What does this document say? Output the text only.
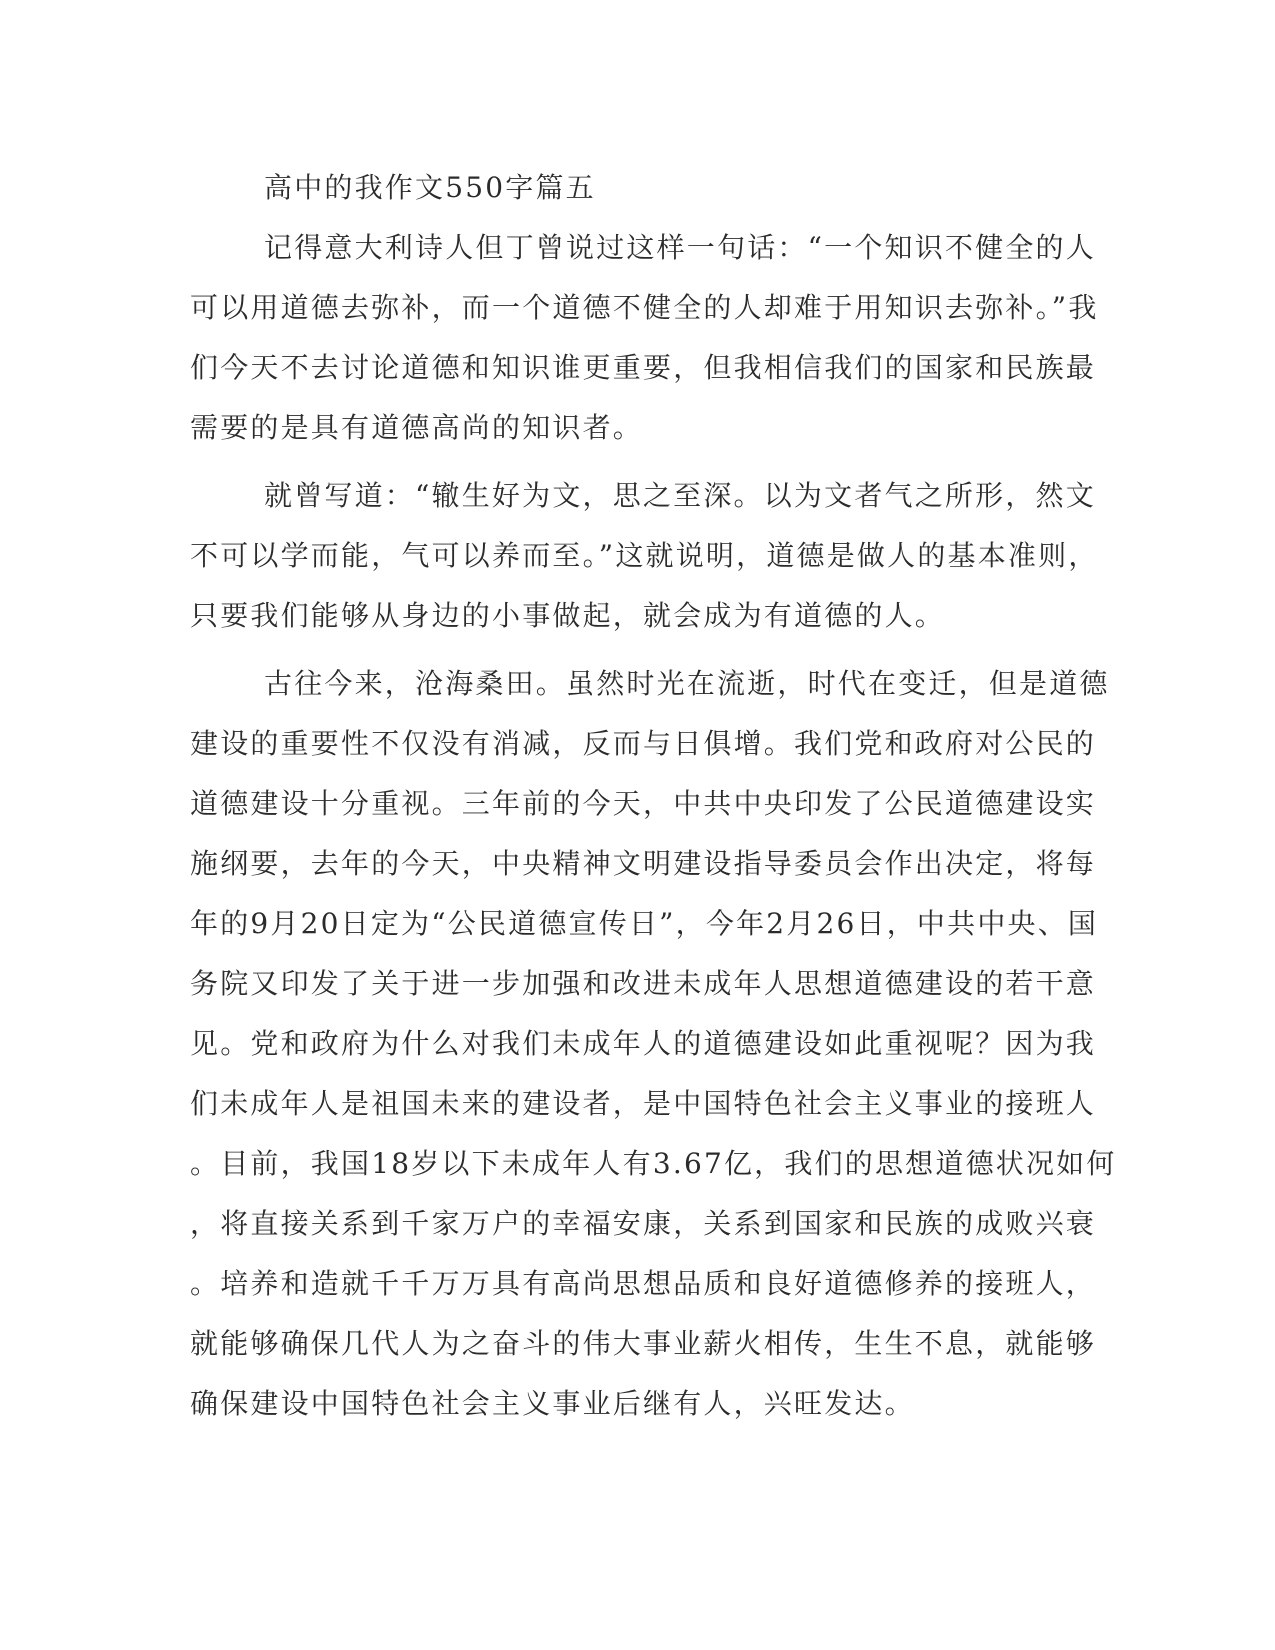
高中的我作文550字篇五
记得意大利诗人但丁曾说过这样一句话：“一个知识不健全的人
可以用道德去弥补，而一个道德不健全的人却难于用知识去弥补。”我
们今天不去讨论道德和知识谁更重要，但我相信我们的国家和民族最
需要的是具有道德高尚的知识者。
就曾写道：“辙生好为文，思之至深。以为文者气之所形，然文
不可以学而能，气可以养而至。”这就说明，道德是做人的基本准则，
只要我们能够从身边的小事做起，就会成为有道德的人。
古往今来，沧海桑田。虽然时光在流逝，时代在变迁，但是道德
建设的重要性不仅没有消减，反而与日俱增。我们党和政府对公民的
道德建设十分重视。三年前的今天，中共中央印发了公民道德建设实
施纲要，去年的今天，中央精神文明建设指导委员会作出决定，将每
年的9月20日定为“公民道德宣传日”，今年2月26日，中共中央、国
务院又印发了关于进一步加强和改进未成年人思想道德建设的若干意
见。党和政府为什么对我们未成年人的道德建设如此重视呢？因为我
们未成年人是祖国未来的建设者，是中国特色社会主义事业的接班人
。目前，我国18岁以下未成年人有3.67亿，我们的思想道德状况如何
，将直接关系到千家万户的幸福安康，关系到国家和民族的成败兴衰
。培养和造就千千万万具有高尚思想品质和良好道德修养的接班人，
就能够确保几代人为之奋斗的伟大事业薪火相传，生生不息，就能够
确保建设中国特色社会主义事业后继有人，兴旺发达。
